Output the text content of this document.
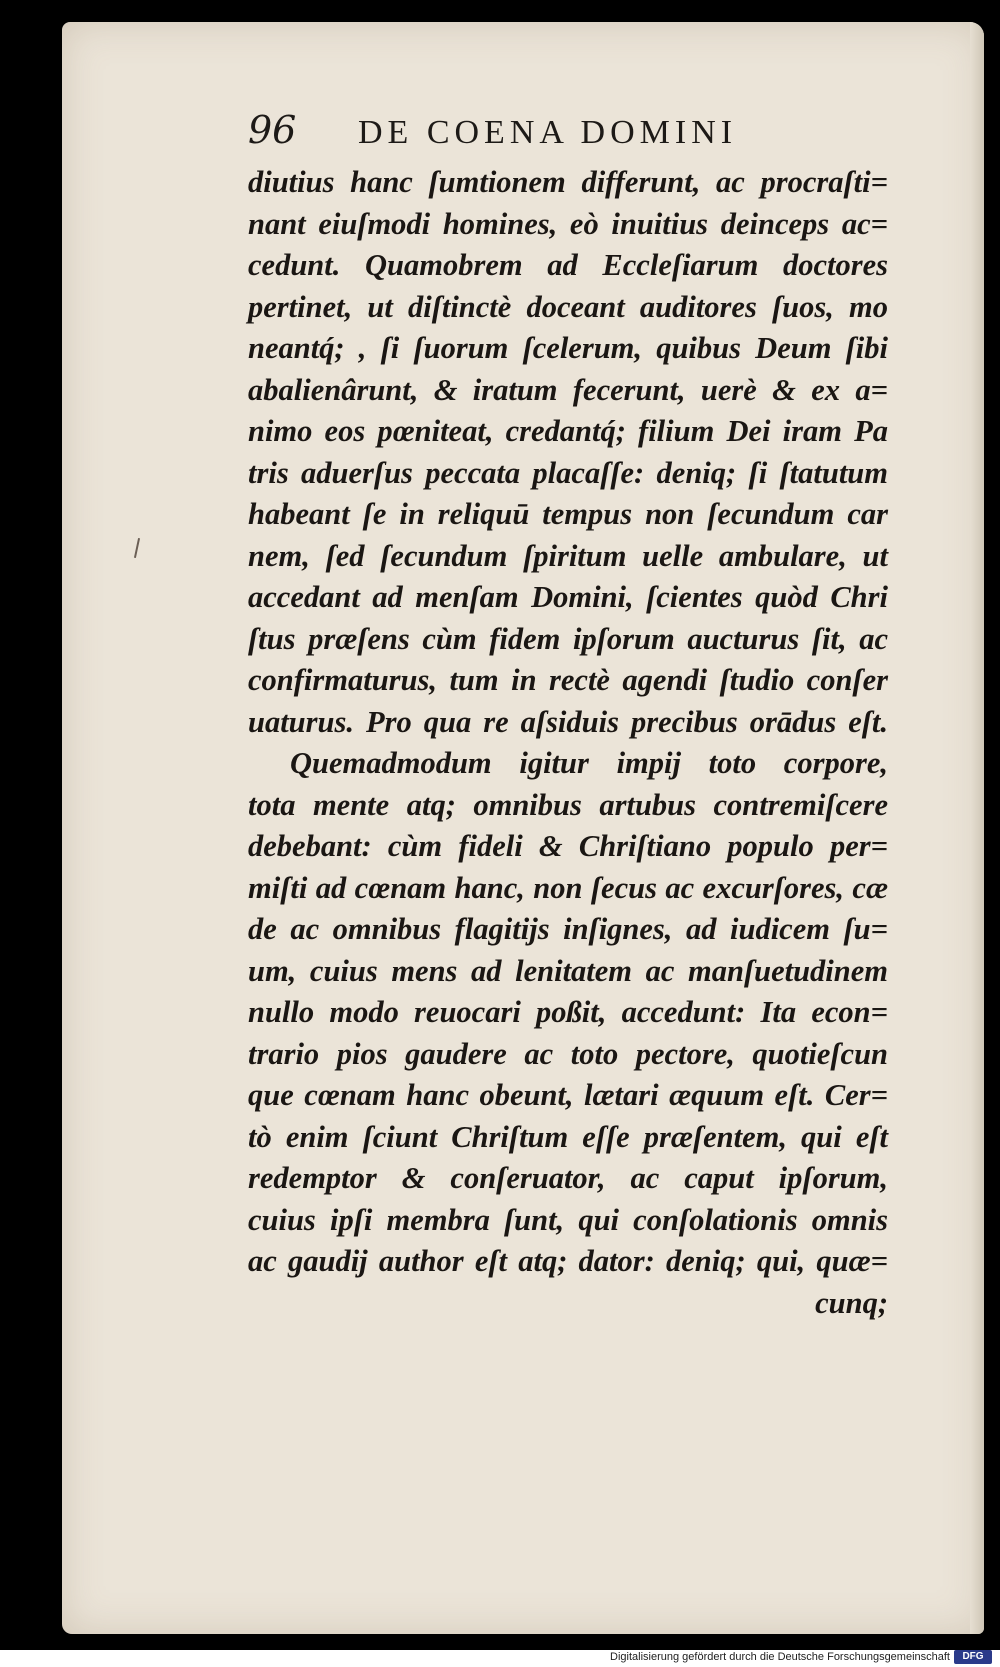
96	DE COENA DOMINI
diutius hanc ſumtionem differunt, ac procraſti=
nant eiuſmodi homines, eò inuitius deinceps ac=
cedunt. Quamobrem ad Eccleſiarum doctores
pertinet, ut diſtinctè doceant auditores ſuos, mo
neantq́; , ſi ſuorum ſcelerum, quibus Deum ſibi
abalienârunt, & iratum fecerunt, uerè & ex a=
nimo eos pœniteat, credantq́; filium Dei iram Pa
tris aduerſus peccata placaſſe: deniq; ſi ſtatutum
habeant ſe in reliquū tempus non ſecundum car
nem, ſed ſecundum ſpiritum uelle ambulare, ut
accedant ad menſam Domini, ſcientes quòd Chri
ſtus præſens cùm fidem ipſorum aucturus ſit, ac
confirmaturus, tum in rectè agendi ſtudio conſer
uaturus. Pro qua re aſsiduis precibus orādus eſt.
Quemadmodum igitur impij toto corpore,
tota mente atq; omnibus artubus contremiſcere
debebant: cùm fideli & Chriſtiano populo per=
miſti ad cœnam hanc, non ſecus ac excurſores, cæ
de ac omnibus flagitijs inſignes, ad iudicem ſu=
um, cuius mens ad lenitatem ac manſuetudinem
nullo modo reuocari poßit, accedunt: Ita econ=
trario pios gaudere ac toto pectore, quotieſcun
que cœnam hanc obeunt, lætari æquum eſt. Cer=
tò enim ſciunt Chriſtum eſſe præſentem, qui eſt
redemptor & conſeruator, ac caput ipſorum,
cuius ipſi membra ſunt, qui conſolationis omnis
ac gaudij author eſt atq; dator: deniq; qui, quæ=
cunq;
Digitalisierung gefördert durch die Deutsche Forschungsgemeinschaft	DFG
